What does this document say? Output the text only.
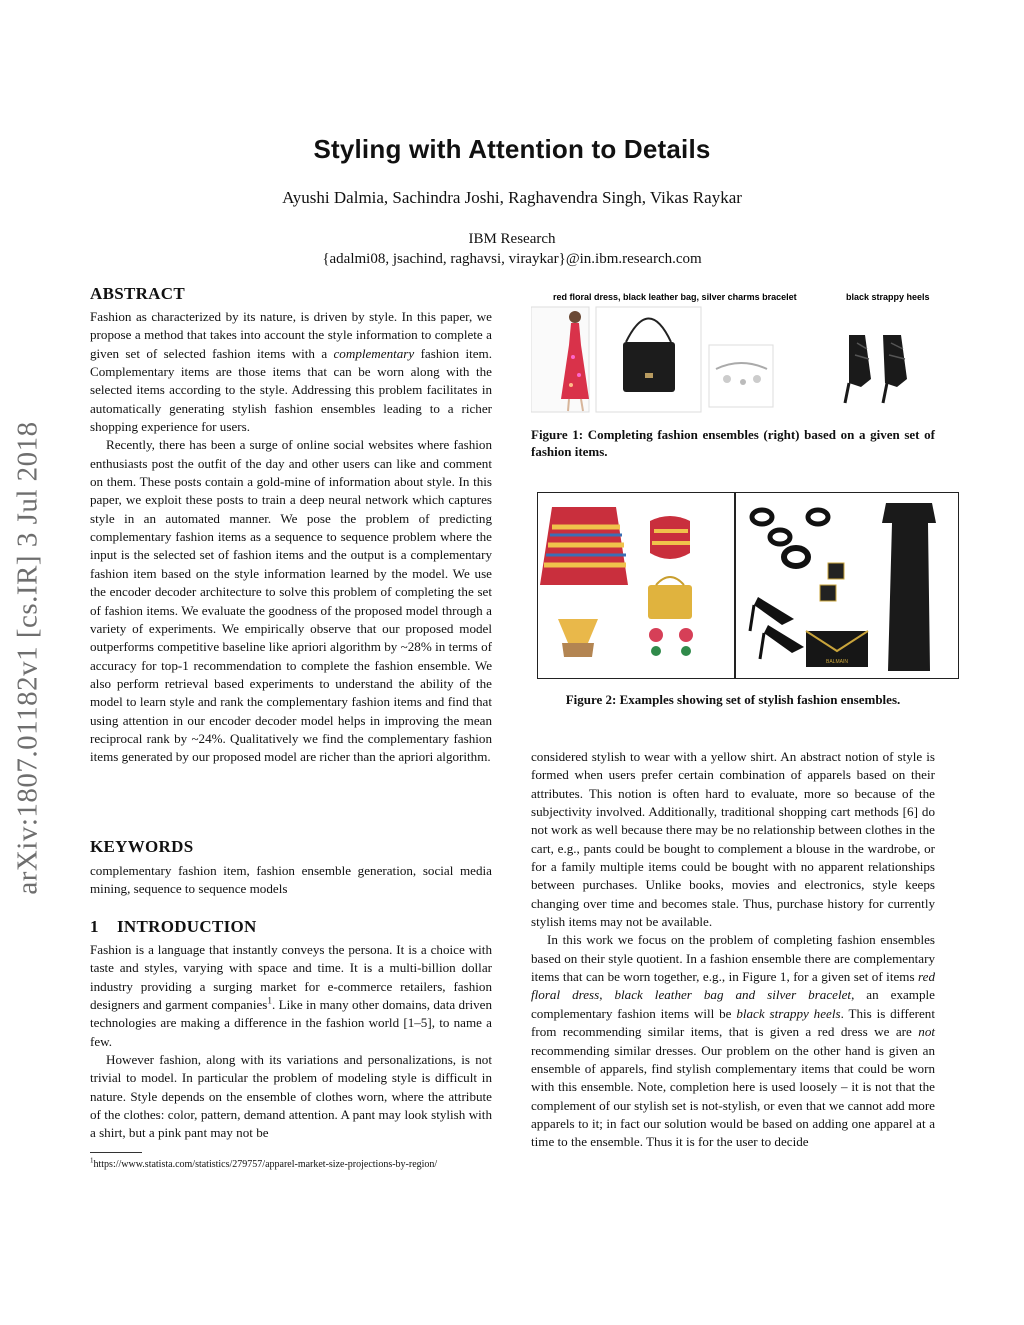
Styling with Attention to Details
Ayushi Dalmia, Sachindra Joshi, Raghavendra Singh, Vikas Raykar
IBM Research
{adalmi08, jsachind, raghavsi, viraykar}@in.ibm.research.com
arXiv:1807.01182v1 [cs.IR] 3 Jul 2018
ABSTRACT

Fashion as characterized by its nature, is driven by style. In this paper, we propose a method that takes into account the style information to complete a given set of selected fashion items with a complementary fashion item. Complementary items are those items that can be worn along with the selected items according to the style. Addressing this problem facilitates in automatically generating stylish fashion ensembles leading to a richer shopping experience for users.

Recently, there has been a surge of online social websites where fashion enthusiasts post the outfit of the day and other users can like and comment on them. These posts contain a gold-mine of information about style. In this paper, we exploit these posts to train a deep neural network which captures style in an automated manner. We pose the problem of predicting complementary fashion items as a sequence to sequence problem where the input is the selected set of fashion items and the output is a complementary fashion item based on the style information learned by the model. We use the encoder decoder architecture to solve this problem of completing the set of fashion items. We evaluate the goodness of the proposed model through a variety of experiments. We empirically observe that our proposed model outperforms competitive baseline like apriori algorithm by ~28% in terms of accuracy for top-1 recommendation to complete the fashion ensemble. We also perform retrieval based experiments to understand the ability of the model to learn style and rank the complementary fashion items and find that using attention in our encoder decoder model helps in improving the mean reciprocal rank by ~24%. Qualitatively we find the complementary fashion items generated by our proposed model are richer than the apriori algorithm.

KEYWORDS
complementary fashion item, fashion ensemble generation, social media mining, sequence to sequence models
1    INTRODUCTION

Fashion is a language that instantly conveys the persona. It is a choice with taste and styles, varying with space and time. It is a multi-billion dollar industry providing a surging market for e-commerce retailers, fashion designers and garment companies$^1$. Like in many other domains, data driven technologies are making a difference in the fashion world [1–5], to name a few.

However fashion, along with its variations and personalizations, is not trivial to model. In particular the problem of modeling style is difficult in nature. Style depends on the ensemble of clothes worn, where the attribute of the clothes: color, pattern, demand attention. A pant may look stylish with a shirt, but a pink pant may not be

$^1$https://www.statista.com/statistics/279757/apparel-market-size-projections-by-region/
red floral dress, black leather bag, silver charms bracelet	black strappy heels
Figure 1: Completing fashion ensembles (right) based on a given set of fashion items.
BALMAIN
Figure 2: Examples showing set of stylish fashion ensembles.

considered stylish to wear with a yellow shirt. An abstract notion of style is formed when users prefer certain combination of apparels based on their attributes. This notion is often hard to evaluate, more so because of the subjectivity involved. Additionally, traditional shopping cart methods [6] do not work as well because there may be no relationship between clothes in the cart, e.g., pants could be bought to complement a blouse in the wardrobe, or for a family multiple items could be bought with no apparent relationships between purchases. Unlike books, movies and electronics, style keeps changing over time and becomes stale. Thus, purchase history for currently stylish items may not be available.

In this work we focus on the problem of completing fashion ensembles based on their style quotient. In a fashion ensemble there are complementary items that can be worn together, e.g., in Figure 1, for a given set of items red floral dress, black leather bag and silver bracelet, an example complementary fashion items will be black strappy heels. This is different from recommending similar items, that is given a red dress we are not recommending similar dresses. Our problem on the other hand is given an ensemble of apparels, find stylish complementary items that could be worn with this ensemble. Note, completion here is used loosely – it is not that the complement of our stylish set is not-stylish, or even that we cannot add more apparels to it; in fact our solution would be based on adding one apparel at a time to the ensemble. Thus it is for the user to decide
